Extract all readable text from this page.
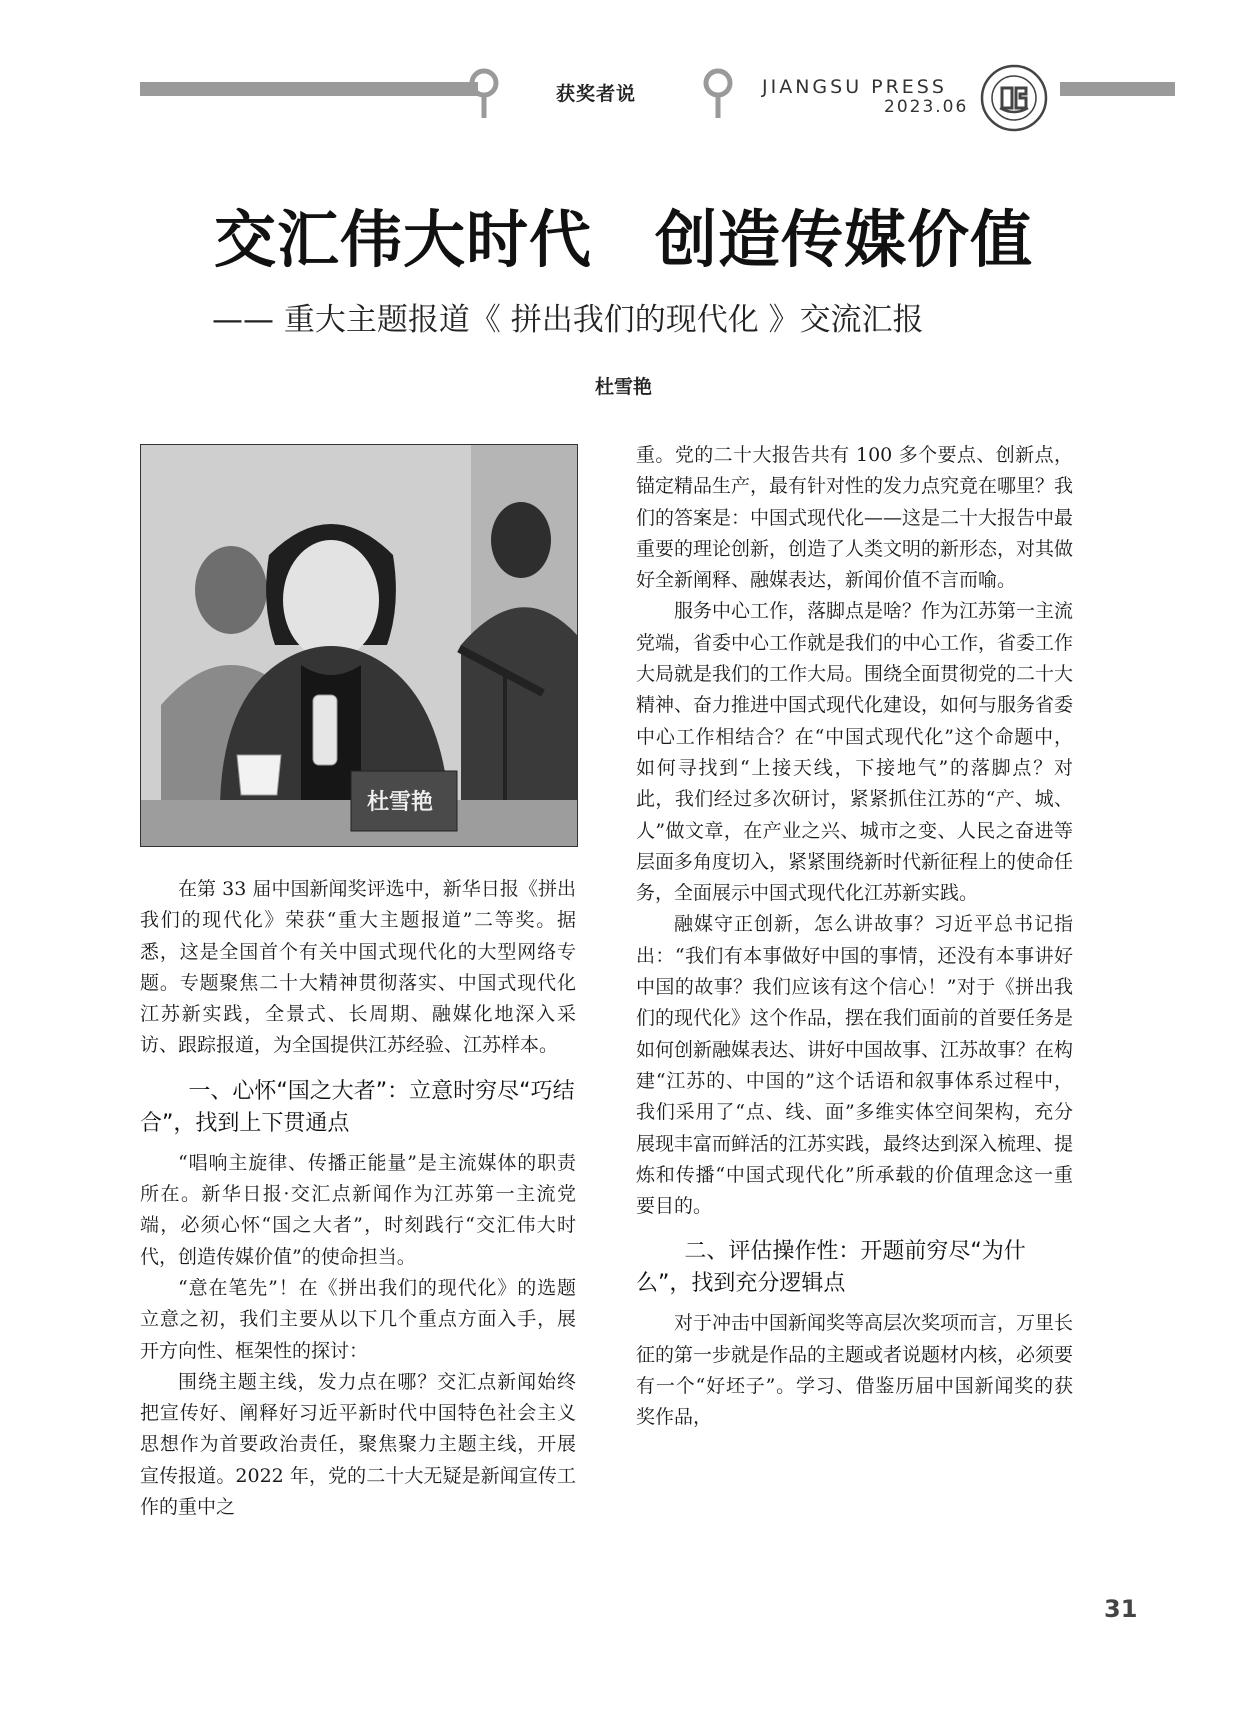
获奖者说	JIANGSU PRESS
2023.06
交汇伟大时代　创造传媒价值
—— 重大主题报道《 拼出我们的现代化 》交流汇报
杜雪艳
杜雪艳

在第 33 届中国新闻奖评选中，新华日报《拼出我们的现代化》荣获“重大主题报道”二等奖。据悉，这是全国首个有关中国式现代化的大型网络专题。专题聚焦二十大精神贯彻落实、中国式现代化江苏新实践，全景式、长周期、融媒化地深入采访、跟踪报道，为全国提供江苏经验、江苏样本。

一、心怀“国之大者”：立意时穷尽“巧结合”，找到上下贯通点

“唱响主旋律、传播正能量”是主流媒体的职责所在。新华日报·交汇点新闻作为江苏第一主流党端，必须心怀“国之大者”，时刻践行“交汇伟大时代，创造传媒价值”的使命担当。

“意在笔先”！在《拼出我们的现代化》的选题立意之初，我们主要从以下几个重点方面入手，展开方向性、框架性的探讨：

围绕主题主线，发力点在哪？交汇点新闻始终把宣传好、阐释好习近平新时代中国特色社会主义思想作为首要政治责任，聚焦聚力主题主线，开展宣传报道。2022 年，党的二十大无疑是新闻宣传工作的重中之

重。党的二十大报告共有 100 多个要点、创新点，锚定精品生产，最有针对性的发力点究竟在哪里？我们的答案是：中国式现代化——这是二十大报告中最重要的理论创新，创造了人类文明的新形态，对其做好全新阐释、融媒表达，新闻价值不言而喻。

服务中心工作，落脚点是啥？作为江苏第一主流党端，省委中心工作就是我们的中心工作，省委工作大局就是我们的工作大局。围绕全面贯彻党的二十大精神、奋力推进中国式现代化建设，如何与服务省委中心工作相结合？在“中国式现代化”这个命题中，如何寻找到“上接天线，下接地气”的落脚点？对此，我们经过多次研讨，紧紧抓住江苏的“产、城、人”做文章，在产业之兴、城市之变、人民之奋进等层面多角度切入，紧紧围绕新时代新征程上的使命任务，全面展示中国式现代化江苏新实践。

融媒守正创新，怎么讲故事？习近平总书记指出：“我们有本事做好中国的事情，还没有本事讲好中国的故事？我们应该有这个信心！”对于《拼出我们的现代化》这个作品，摆在我们面前的首要任务是如何创新融媒表达、讲好中国故事、江苏故事？在构建“江苏的、中国的”这个话语和叙事体系过程中，我们采用了“点、线、面”多维实体空间架构，充分展现丰富而鲜活的江苏实践，最终达到深入梳理、提炼和传播“中国式现代化”所承载的价值理念这一重要目的。

二、评估操作性：开题前穷尽“为什么”，找到充分逻辑点

对于冲击中国新闻奖等高层次奖项而言，万里长征的第一步就是作品的主题或者说题材内核，必须要有一个“好坯子”。学习、借鉴历届中国新闻奖的获奖作品，

31
